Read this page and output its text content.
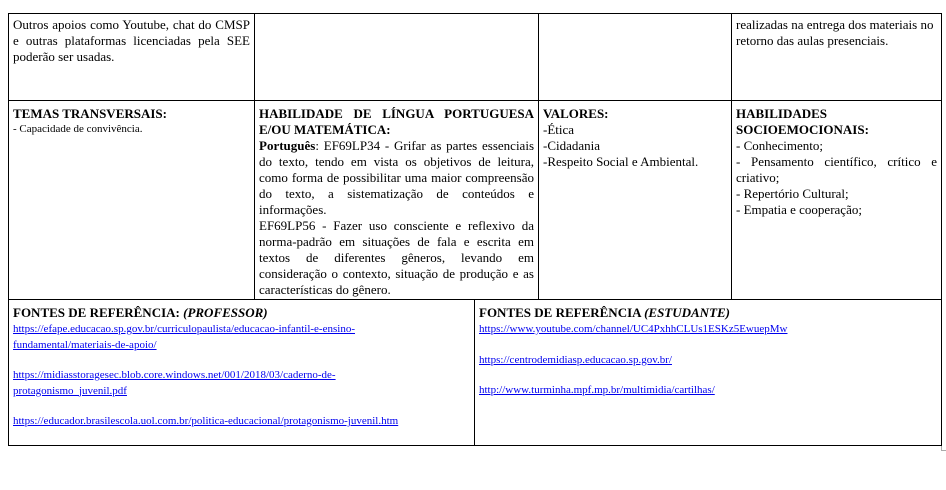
Outros apoios como Youtube, chat do CMSP e outras plataformas licenciadas pela SEE poderão ser usadas.
realizadas na entrega dos materiais no retorno das aulas presenciais.
TEMAS TRANSVERSAIS:
- Capacidade de convivência.
HABILIDADE DE LÍNGUA PORTUGUESA E/OU MATEMÁTICA:
Português: EF69LP34 - Grifar as partes essenciais do texto, tendo em vista os objetivos de leitura, como forma de possibilitar uma maior compreensão do texto, a sistematização de conteúdos e informações.
EF69LP56 - Fazer uso consciente e reflexivo da norma-padrão em situações de fala e escrita em textos de diferentes gêneros, levando em consideração o contexto, situação de produção e as características do gênero.
VALORES:
-Ética
-Cidadania
-Respeito Social e Ambiental.
HABILIDADES SOCIOEMOCIONAIS:
- Conhecimento;
- Pensamento científico, crítico e criativo;
- Repertório Cultural;
- Empatia e cooperação;
FONTES DE REFERÊNCIA: (PROFESSOR)
https://efape.educacao.sp.gov.br/curriculopaulista/educacao-infantil-e-ensino-
fundamental/materiais-de-apoio/
https://midiasstoragesec.blob.core.windows.net/001/2018/03/caderno-de-
protagonismo_juvenil.pdf
https://educador.brasilescola.uol.com.br/politica-educacional/protagonismo-juvenil.htm
FONTES DE REFERÊNCIA (ESTUDANTE)
https://www.youtube.com/channel/UC4PxhhCLUs1ESKz5EwuepMw
https://centrodemidiasp.educacao.sp.gov.br/
http://www.turminha.mpf.mp.br/multimidia/cartilhas/
